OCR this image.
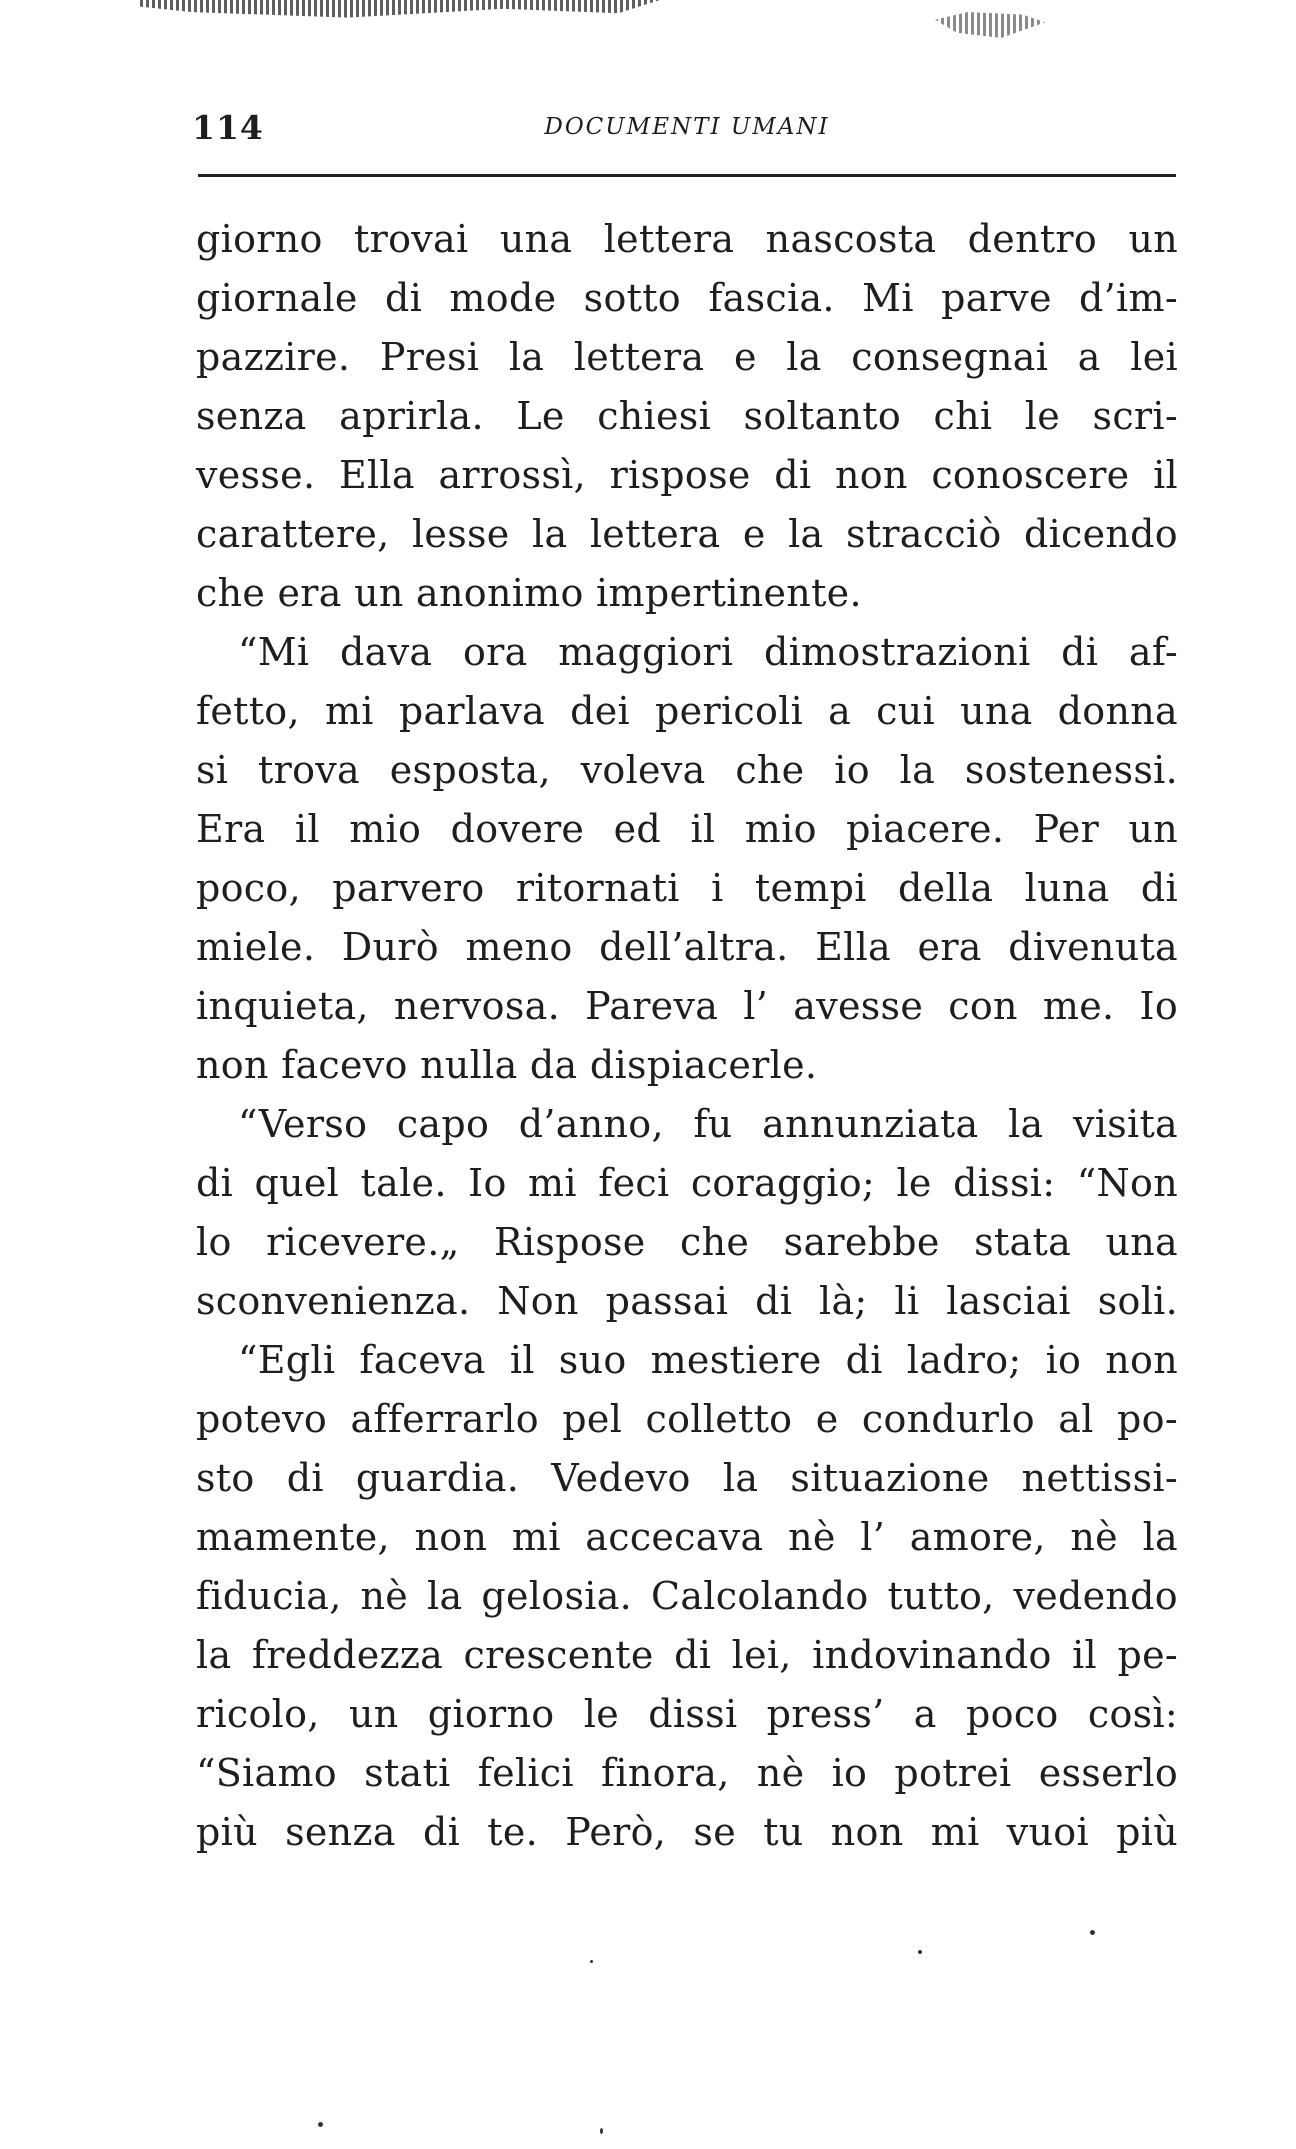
114	DOCUMENTI UMANI
giorno trovai una lettera nascosta dentro un
giornale di mode sotto fascia. Mi parve d’im-
pazzire. Presi la lettera e la consegnai a lei
senza aprirla. Le chiesi soltanto chi le scri-
vesse. Ella arrossì, rispose di non conoscere il
carattere, lesse la lettera e la stracciò dicendo
che era un anonimo impertinente.
“Mi dava ora maggiori dimostrazioni di af-
fetto, mi parlava dei pericoli a cui una donna
si trova esposta, voleva che io la sostenessi.
Era il mio dovere ed il mio piacere. Per un
poco, parvero ritornati i tempi della luna di
miele. Durò meno dell’altra. Ella era divenuta
inquieta, nervosa. Pareva l’ avesse con me. Io
non facevo nulla da dispiacerle.
“Verso capo d’anno, fu annunziata la visita
di quel tale. Io mi feci coraggio; le dissi: “Non
lo ricevere.„ Rispose che sarebbe stata una
sconvenienza. Non passai di là; li lasciai soli.
“Egli faceva il suo mestiere di ladro; io non
potevo afferrarlo pel colletto e condurlo al po-
sto di guardia. Vedevo la situazione nettissi-
mamente, non mi accecava nè l’ amore, nè la
fiducia, nè la gelosia. Calcolando tutto, vedendo
la freddezza crescente di lei, indovinando il pe-
ricolo, un giorno le dissi press’ a poco così:
“Siamo stati felici finora, nè io potrei esserlo
più senza di te. Però, se tu non mi vuoi più
